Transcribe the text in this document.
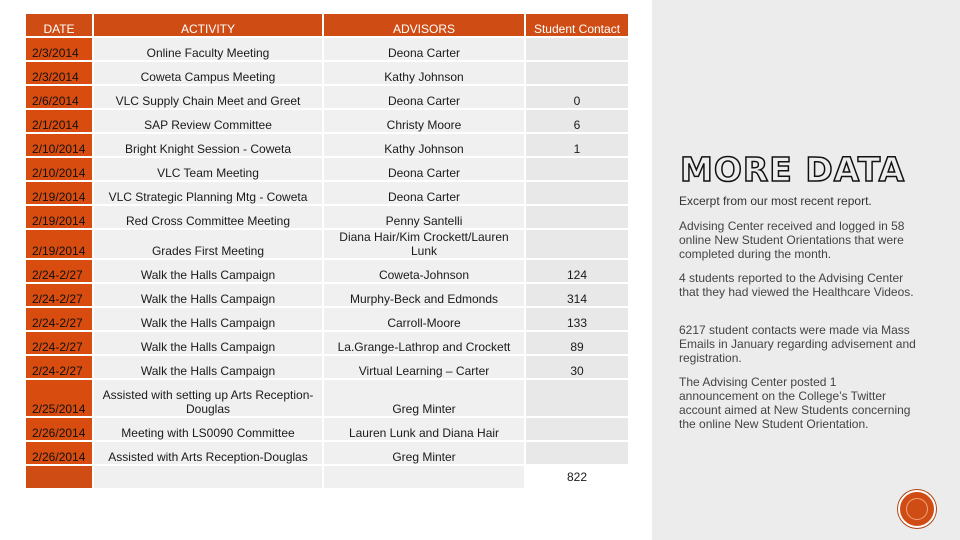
DATE	ACTIVITY	ADVISORS	Student Contact
2/3/2014	Online Faculty Meeting	Deona Carter	
2/3/2014	Coweta Campus Meeting	Kathy Johnson	
2/6/2014	VLC Supply Chain Meet and Greet	Deona Carter	0
2/1/2014	SAP Review Committee	Christy Moore	6
2/10/2014	Bright Knight Session - Coweta	Kathy Johnson	1
2/10/2014	VLC Team Meeting	Deona Carter	
2/19/2014	VLC Strategic Planning Mtg - Coweta	Deona Carter	
2/19/2014	Red Cross Committee Meeting	Penny Santelli	
2/19/2014	Grades First Meeting	Diana Hair/Kim Crockett/Lauren Lunk	
2/24-2/27	Walk the Halls Campaign	Coweta-Johnson	124
2/24-2/27	Walk the Halls Campaign	Murphy-Beck and Edmonds	314
2/24-2/27	Walk the Halls Campaign	Carroll-Moore	133
2/24-2/27	Walk the Halls Campaign	La.Grange-Lathrop and Crockett	89
2/24-2/27	Walk the Halls Campaign	Virtual Learning – Carter	30
2/25/2014	Assisted with setting up Arts Reception-Douglas	Greg Minter	
2/26/2014	Meeting with LS0090 Committee	Lauren Lunk and Diana Hair	
2/26/2014	Assisted with Arts Reception-Douglas	Greg Minter	
			822
MORE DATA
Excerpt from our most recent report.
Advising Center received and logged in 58 online New Student Orientations that were completed during the month.
4 students reported to the Advising Center that they had viewed the Healthcare Videos.
6217 student contacts were made via Mass Emails in January regarding advisement and registration.
The Advising Center posted 1 announcement on the College’s Twitter account aimed at New Students concerning the online New Student Orientation.
